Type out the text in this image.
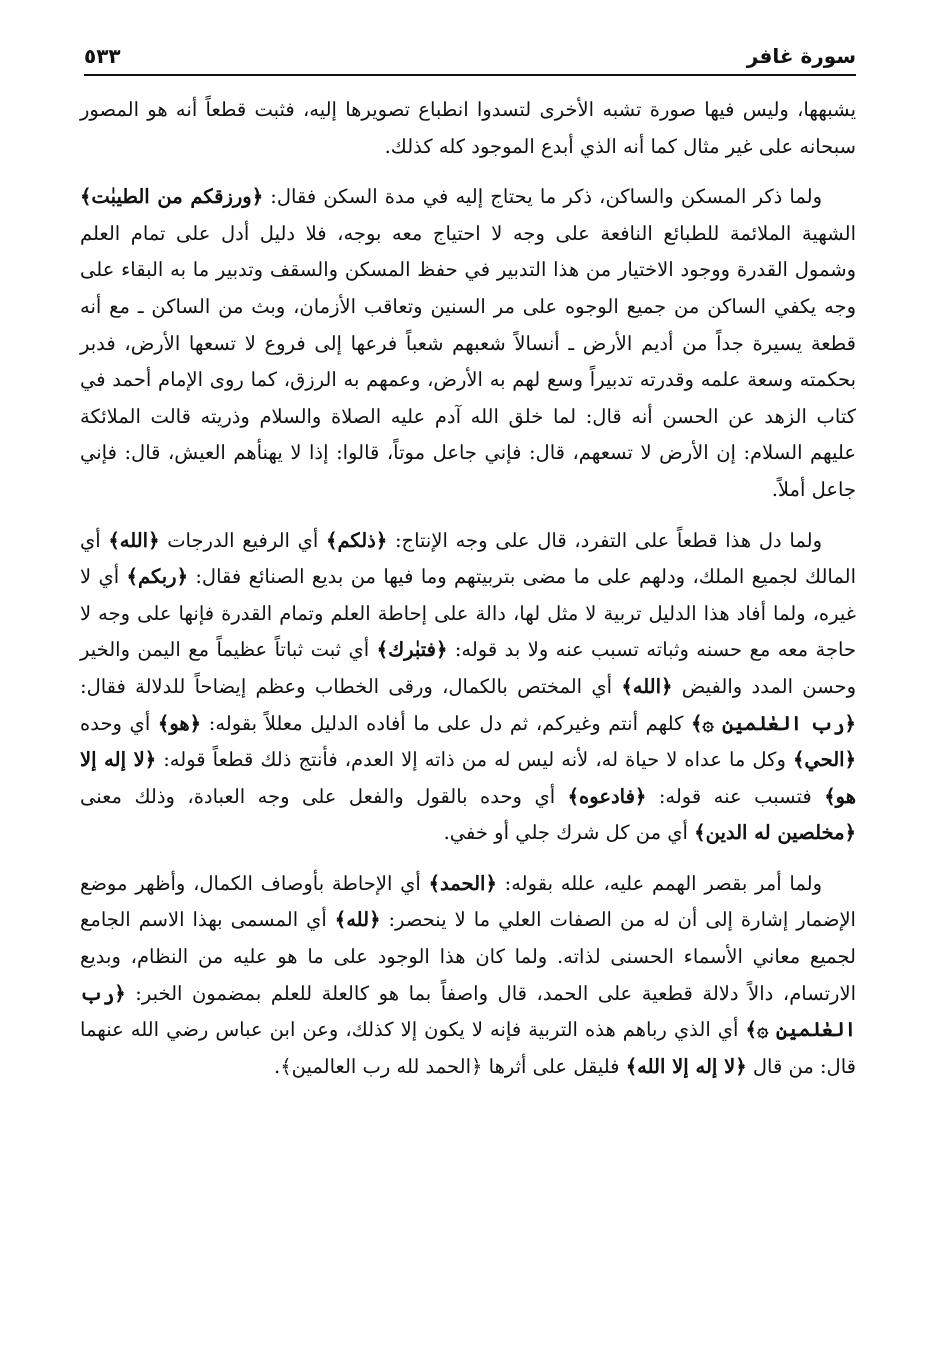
سورة غافر
٥٣٣

يشبهها، وليس فيها صورة تشبه الأخرى لتسدوا انطباع تصويرها إليه، فثبت قطعاً أنه هو المصور سبحانه على غير مثال كما أنه الذي أبدع الموجود كله كذلك.

ولما ذكر المسكن والساكن، ذكر ما يحتاج إليه في مدة السكن فقال: ﴿ورزقكم من الطيبٰت﴾ الشهية الملائمة للطبائع النافعة على وجه لا احتياج معه بوجه، فلا دليل أدل على تمام العلم وشمول القدرة ووجود الاختيار من هذا التدبير في حفظ المسكن والسقف وتدبير ما به البقاء على وجه يكفي الساكن من جميع الوجوه على مر السنين وتعاقب الأزمان، وبث من الساكن ـ مع أنه قطعة يسيرة جداً من أديم الأرض ـ أنسالاً شعبهم شعباً فرعها إلى فروع لا تسعها الأرض، فدبر بحكمته وسعة علمه وقدرته تدبيراً وسع لهم به الأرض، وعمهم به الرزق، كما روى الإمام أحمد في كتاب الزهد عن الحسن أنه قال: لما خلق الله آدم عليه الصلاة والسلام وذريته قالت الملائكة عليهم السلام: إن الأرض لا تسعهم، قال: فإني جاعل موتاً، قالوا: إذا لا يهنأهم العيش، قال: فإني جاعل أملاً.

ولما دل هذا قطعاً على التفرد، قال على وجه الإنتاج: ﴿ذلكم﴾ أي الرفيع الدرجات ﴿الله﴾ أي المالك لجميع الملك، ودلهم على ما مضى بتربيتهم وما فيها من بديع الصنائع فقال: ﴿ربكم﴾ أي لا غيره، ولما أفاد هذا الدليل تربية لا مثل لها، دالة على إحاطة العلم وتمام القدرة فإنها على وجه لا حاجة معه مع حسنه وثباته تسبب عنه ولا بد قوله: ﴿فتبٰرك﴾ أي ثبت ثباتاً عظيماً مع اليمن والخير وحسن المدد والفيض ﴿الله﴾ أي المختص بالكمال، ورقى الخطاب وعظم إيضاحاً للدلالة فقال: ﴿رب العٰلمين ۞﴾ كلهم أنتم وغيركم، ثم دل على ما أفاده الدليل معللاً بقوله: ﴿هو﴾ أي وحده ﴿الحي﴾ وكل ما عداه لا حياة له، لأنه ليس له من ذاته إلا العدم، فأنتج ذلك قطعاً قوله: ﴿لا إله إلا هو﴾ فتسبب عنه قوله: ﴿فادعوه﴾ أي وحده بالقول والفعل على وجه العبادة، وذلك معنى ﴿مخلصين له الدين﴾ أي من كل شرك جلي أو خفي.

ولما أمر بقصر الهمم عليه، علله بقوله: ﴿الحمد﴾ أي الإحاطة بأوصاف الكمال، وأظهر موضع الإضمار إشارة إلى أن له من الصفات العلي ما لا ينحصر: ﴿لله﴾ أي المسمى بهذا الاسم الجامع لجميع معاني الأسماء الحسنى لذاته. ولما كان هذا الوجود على ما هو عليه من النظام، وبديع الارتسام، دالاً دلالة قطعية على الحمد، قال واصفاً بما هو كالعلة للعلم بمضمون الخبر: ﴿رب العٰلمين ۞﴾ أي الذي رباهم هذه التربية فإنه لا يكون إلا كذلك، وعن ابن عباس رضي الله عنهما قال: من قال ﴿لا إله إلا الله﴾ فليقل على أثرها ﴿الحمد لله رب العالمين﴾.
